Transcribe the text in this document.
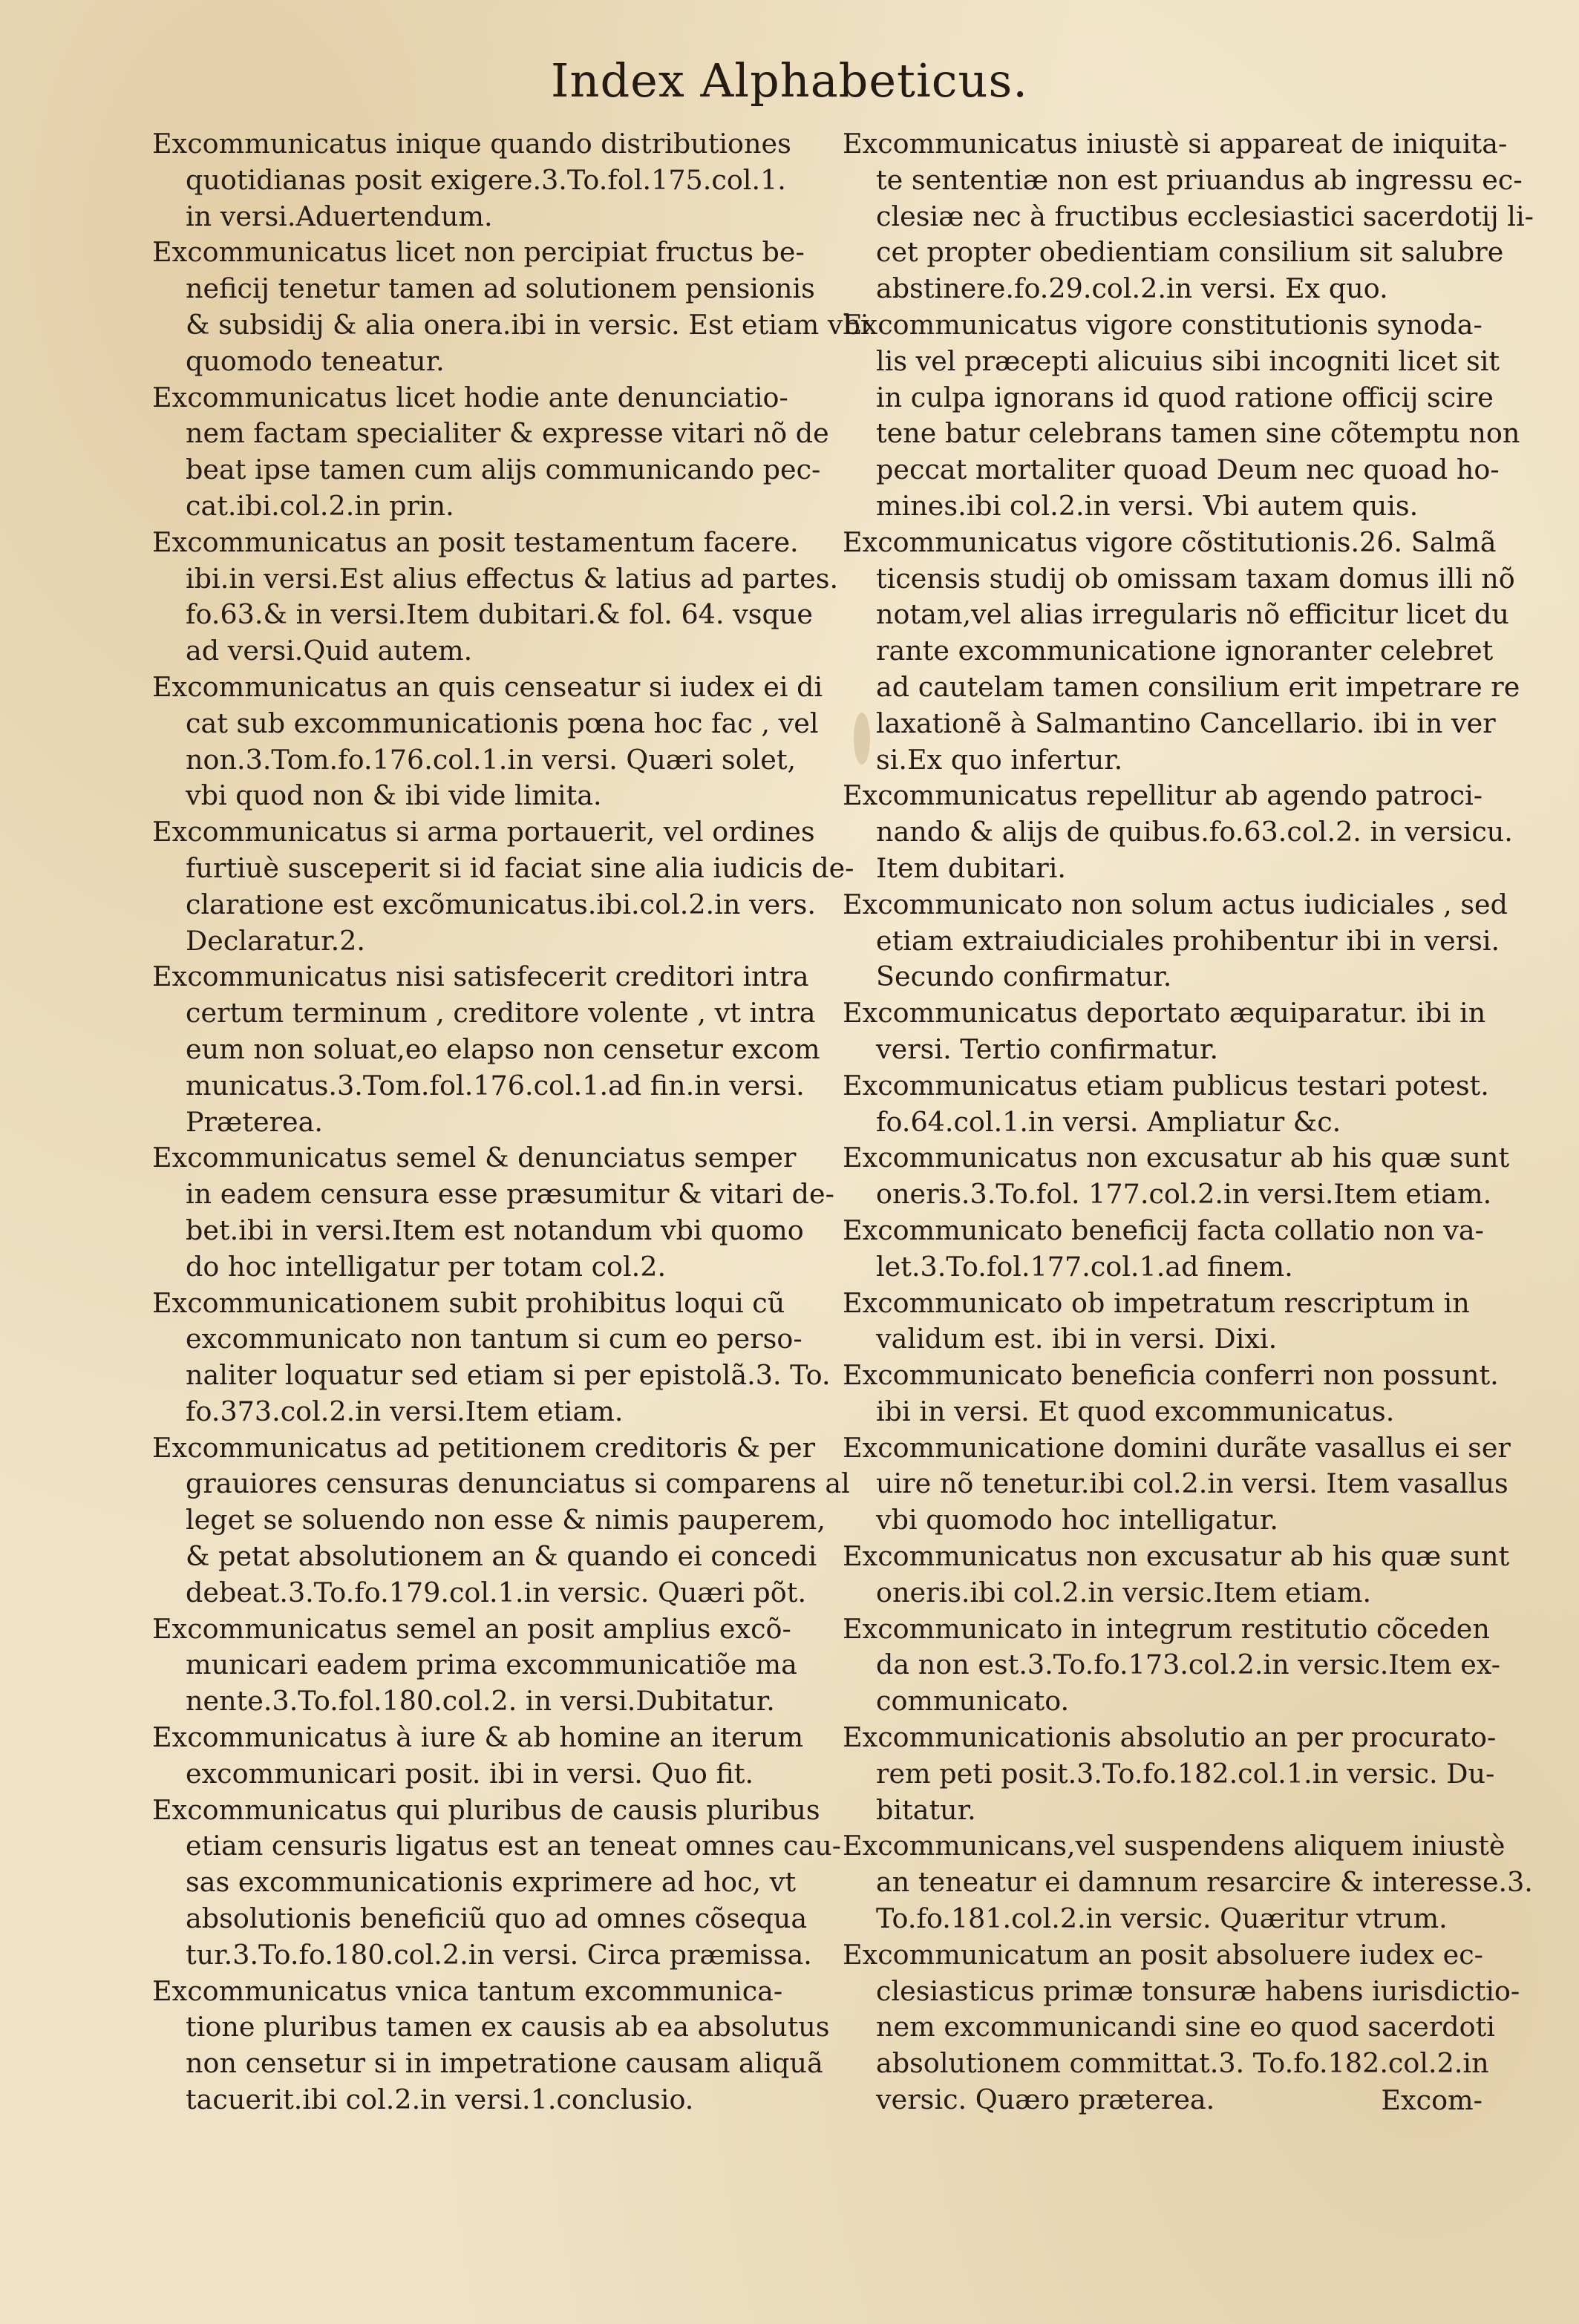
Index Alphabeticus.
Excommunicatus inique quando distributiones
quotidianas posit exigere.3.To.fol.175.col.1.
in versi.Aduertendum.
Excommunicatus licet non percipiat fructus be-
neficij tenetur tamen ad solutionem pensionis
& subsidij & alia onera.ibi in versic. Est etiam vbi
quomodo teneatur.
Excommunicatus licet hodie ante denunciatio-
nem factam specialiter & expresse vitari nõ de
beat ipse tamen cum alijs communicando pec-
cat.ibi.col.2.in prin.
Excommunicatus an posit testamentum facere.
ibi.in versi.Est alius effectus & latius ad partes.
fo.63.& in versi.Item dubitari.& fol. 64. vsque
ad versi.Quid autem.
Excommunicatus an quis censeatur si iudex ei di
cat sub excommunicationis pœna hoc fac , vel
non.3.Tom.fo.176.col.1.in versi. Quæri solet,
vbi quod non & ibi vide limita.
Excommunicatus si arma portauerit, vel ordines
furtiuè susceperit si id faciat sine alia iudicis de-
claratione est excõmunicatus.ibi.col.2.in vers.
Declaratur.2.
Excommunicatus nisi satisfecerit creditori intra
certum terminum , creditore volente , vt intra
eum non soluat,eo elapso non censetur excom
municatus.3.Tom.fol.176.col.1.ad fin.in versi.
Præterea.
Excommunicatus semel & denunciatus semper
in eadem censura esse præsumitur & vitari de-
bet.ibi in versi.Item est notandum vbi quomo
do hoc intelligatur per totam col.2.
Excommunicationem subit prohibitus loqui cũ
excommunicato non tantum si cum eo perso-
naliter loquatur sed etiam si per epistolã.3. To.
fo.373.col.2.in versi.Item etiam.
Excommunicatus ad petitionem creditoris & per
grauiores censuras denunciatus si comparens al
leget se soluendo non esse & nimis pauperem,
& petat absolutionem an & quando ei concedi
debeat.3.To.fo.179.col.1.in versic. Quæri põt.
Excommunicatus semel an posit amplius excõ-
municari eadem prima excommunicatiõe ma
nente.3.To.fol.180.col.2. in versi.Dubitatur.
Excommunicatus à iure & ab homine an iterum
excommunicari posit. ibi in versi. Quo fit.
Excommunicatus qui pluribus de causis pluribus
etiam censuris ligatus est an teneat omnes cau-
sas excommunicationis exprimere ad hoc, vt
absolutionis beneficiũ quo ad omnes cõsequa
tur.3.To.fo.180.col.2.in versi. Circa præmissa.
Excommunicatus vnica tantum excommunica-
tione pluribus tamen ex causis ab ea absolutus
non censetur si in impetratione causam aliquã
tacuerit.ibi col.2.in versi.1.conclusio.
Excommunicatus iniustè si appareat de iniquita-
te sententiæ non est priuandus ab ingressu ec-
clesiæ nec à fructibus ecclesiastici sacerdotij li-
cet propter obedientiam consilium sit salubre
abstinere.fo.29.col.2.in versi. Ex quo.
Excommunicatus vigore constitutionis synoda-
lis vel præcepti alicuius sibi incogniti licet sit
in culpa ignorans id quod ratione officij scire
tene batur celebrans tamen sine cõtemptu non
peccat mortaliter quoad Deum nec quoad ho-
mines.ibi col.2.in versi. Vbi autem quis.
Excommunicatus vigore cõstitutionis.26. Salmã
ticensis studij ob omissam taxam domus illi nõ
notam,vel alias irregularis nõ efficitur licet du
rante excommunicatione ignoranter celebret
ad cautelam tamen consilium erit impetrare re
laxationẽ à Salmantino Cancellario. ibi in ver
si.Ex quo infertur.
Excommunicatus repellitur ab agendo patroci-
nando & alijs de quibus.fo.63.col.2. in versicu.
Item dubitari.
Excommunicato non solum actus iudiciales , sed
etiam extraiudiciales prohibentur ibi in versi.
Secundo confirmatur.
Excommunicatus deportato æquiparatur. ibi in
versi. Tertio confirmatur.
Excommunicatus etiam publicus testari potest.
fo.64.col.1.in versi. Ampliatur &c.
Excommunicatus non excusatur ab his quæ sunt
oneris.3.To.fol. 177.col.2.in versi.Item etiam.
Excommunicato beneficij facta collatio non va-
let.3.To.fol.177.col.1.ad finem.
Excommunicato ob impetratum rescriptum in
validum est. ibi in versi. Dixi.
Excommunicato beneficia conferri non possunt.
ibi in versi. Et quod excommunicatus.
Excommunicatione domini durãte vasallus ei ser
uire nõ tenetur.ibi col.2.in versi. Item vasallus
vbi quomodo hoc intelligatur.
Excommunicatus non excusatur ab his quæ sunt
oneris.ibi col.2.in versic.Item etiam.
Excommunicato in integrum restitutio cõceden
da non est.3.To.fo.173.col.2.in versic.Item ex-
communicato.
Excommunicationis absolutio an per procurato-
rem peti posit.3.To.fo.182.col.1.in versic. Du-
bitatur.
Excommunicans,vel suspendens aliquem iniustè
an teneatur ei damnum resarcire & interesse.3.
To.fo.181.col.2.in versic. Quæritur vtrum.
Excommunicatum an posit absoluere iudex ec-
clesiasticus primæ tonsuræ habens iurisdictio-
nem excommunicandi sine eo quod sacerdoti
absolutionem committat.3. To.fo.182.col.2.in
versic. Quæro præterea.	Excom-
